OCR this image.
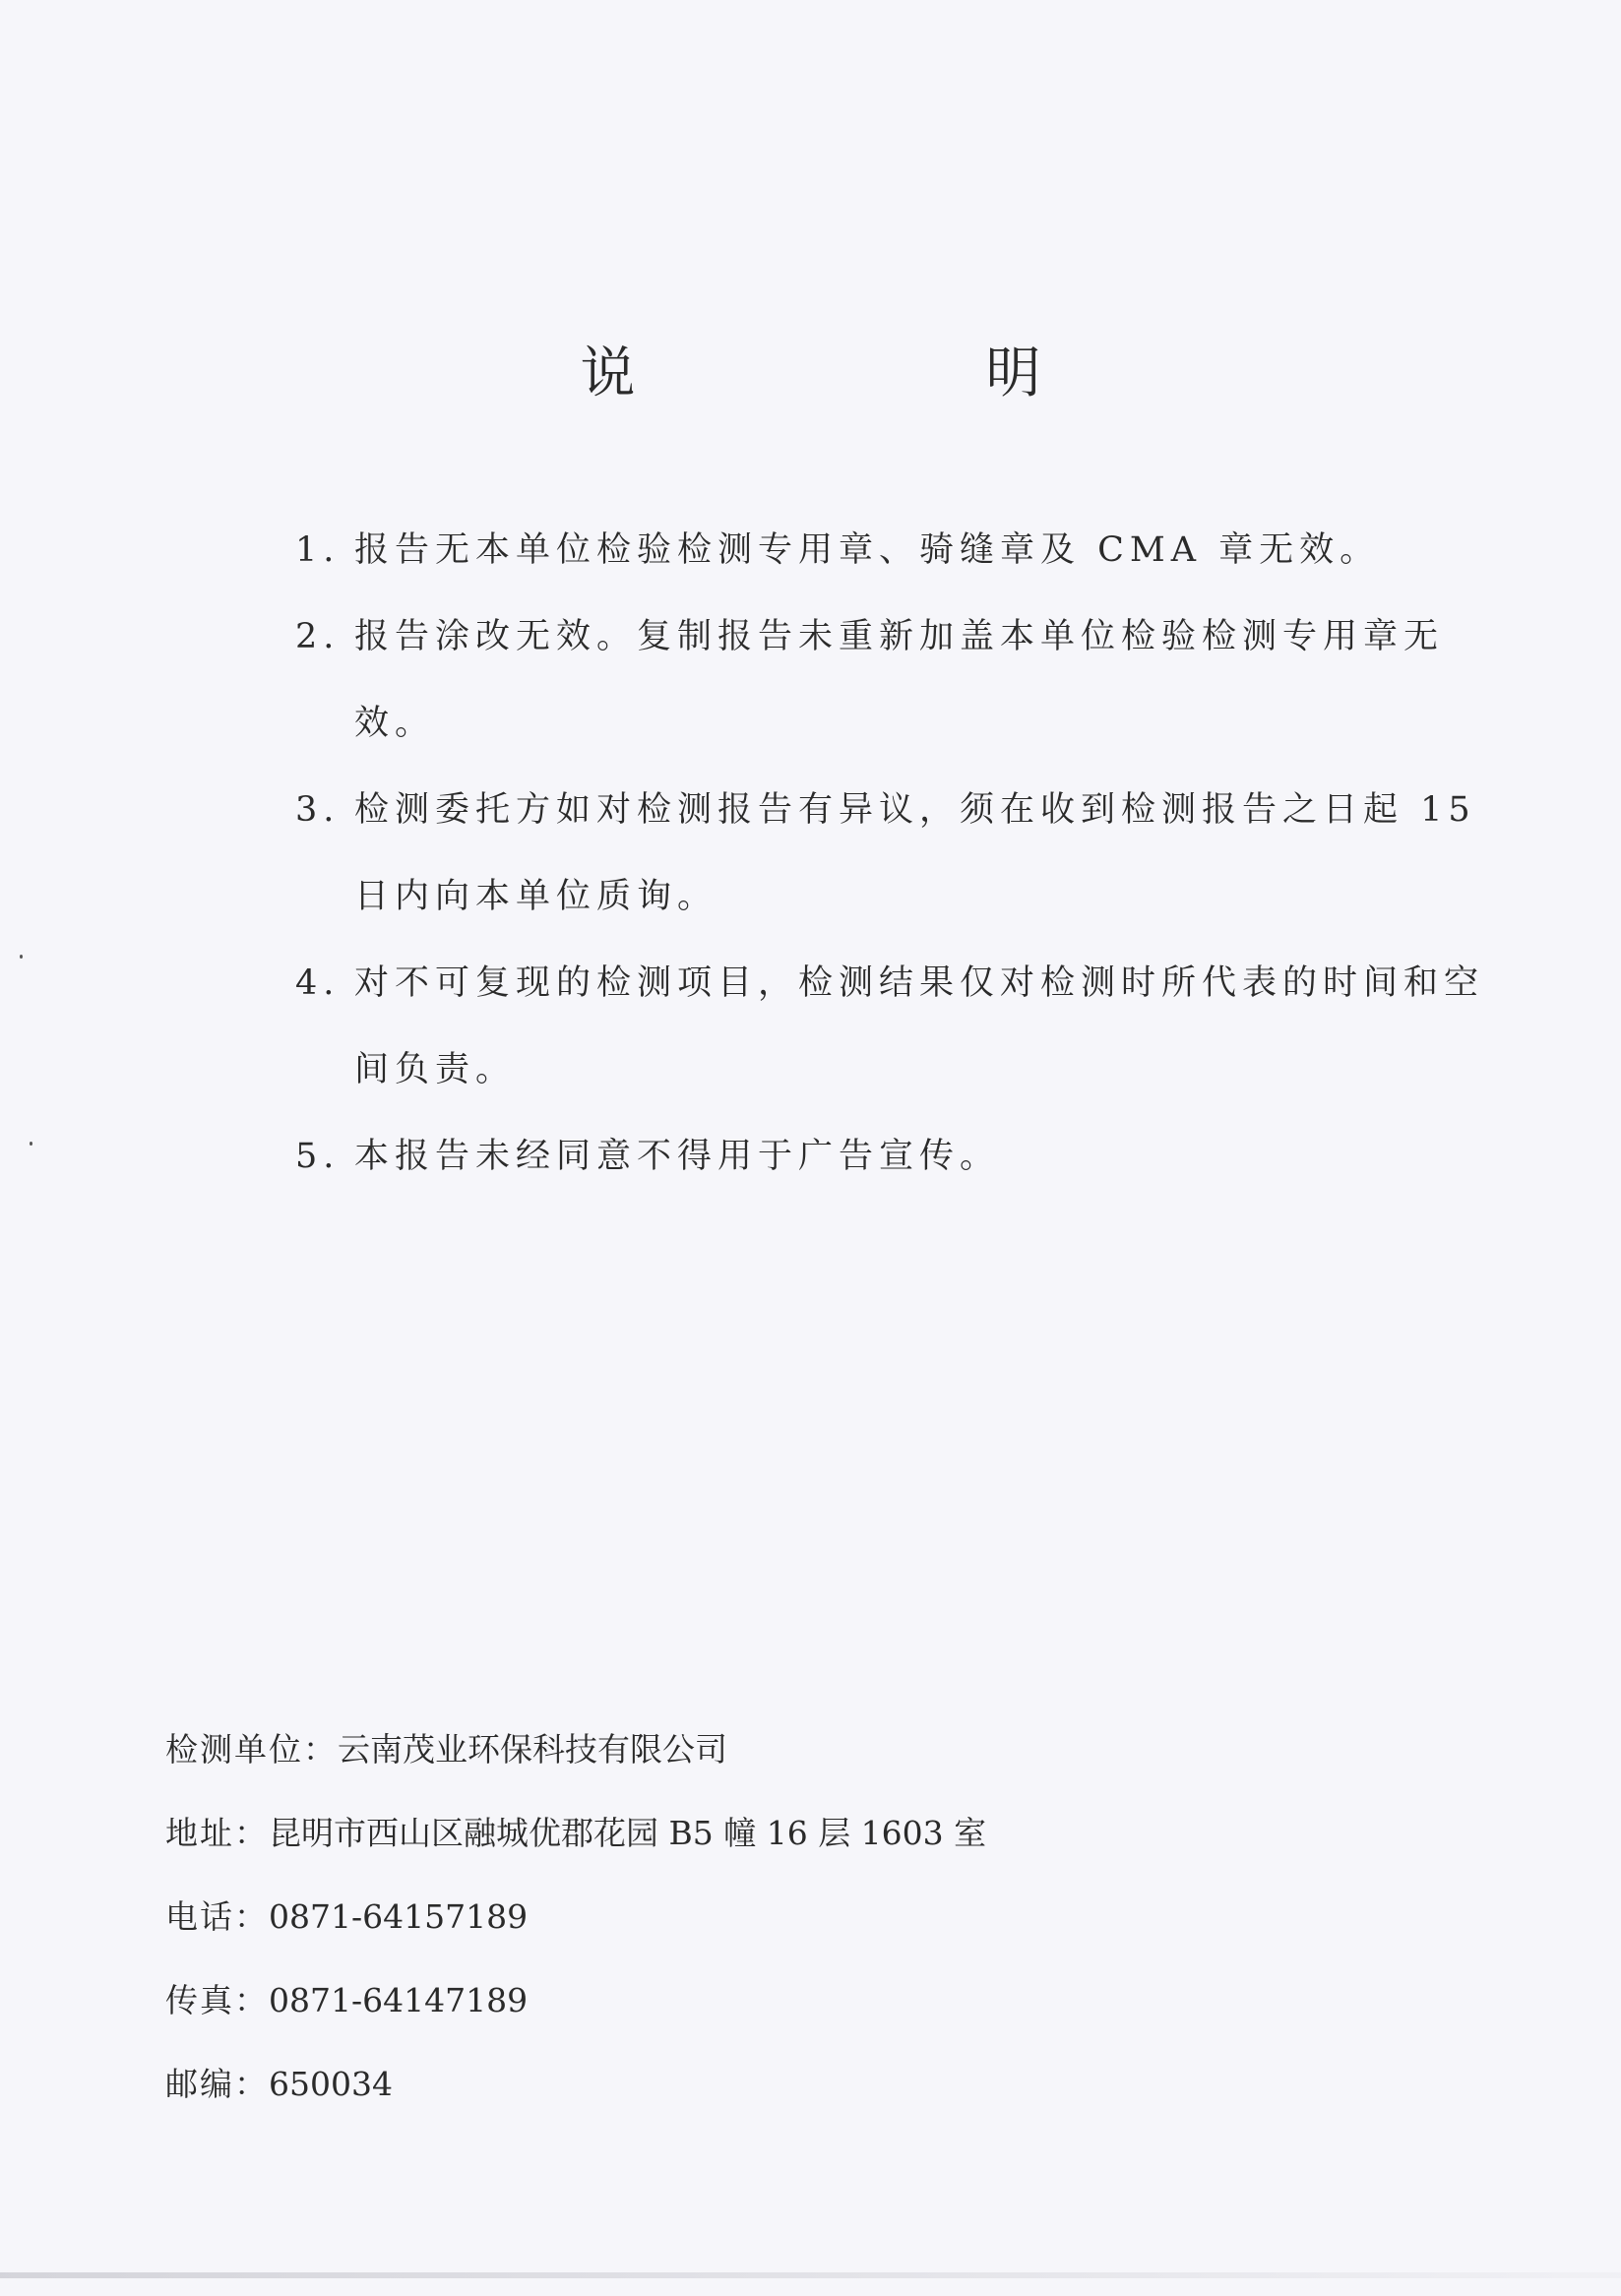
说　明
1. 报告无本单位检验检测专用章、骑缝章及 CMA 章无效。
2. 报告涂改无效。复制报告未重新加盖本单位检验检测专用章无效。
3. 检测委托方如对检测报告有异议，须在收到检测报告之日起 15 日内向本单位质询。
4. 对不可复现的检测项目，检测结果仅对检测时所代表的时间和空间负责。
5. 本报告未经同意不得用于广告宣传。
检测单位：云南茂业环保科技有限公司
地址：昆明市西山区融城优郡花园 B5 幢 16 层 1603 室
电话：0871-64157189
传真：0871-64147189
邮编：650034
